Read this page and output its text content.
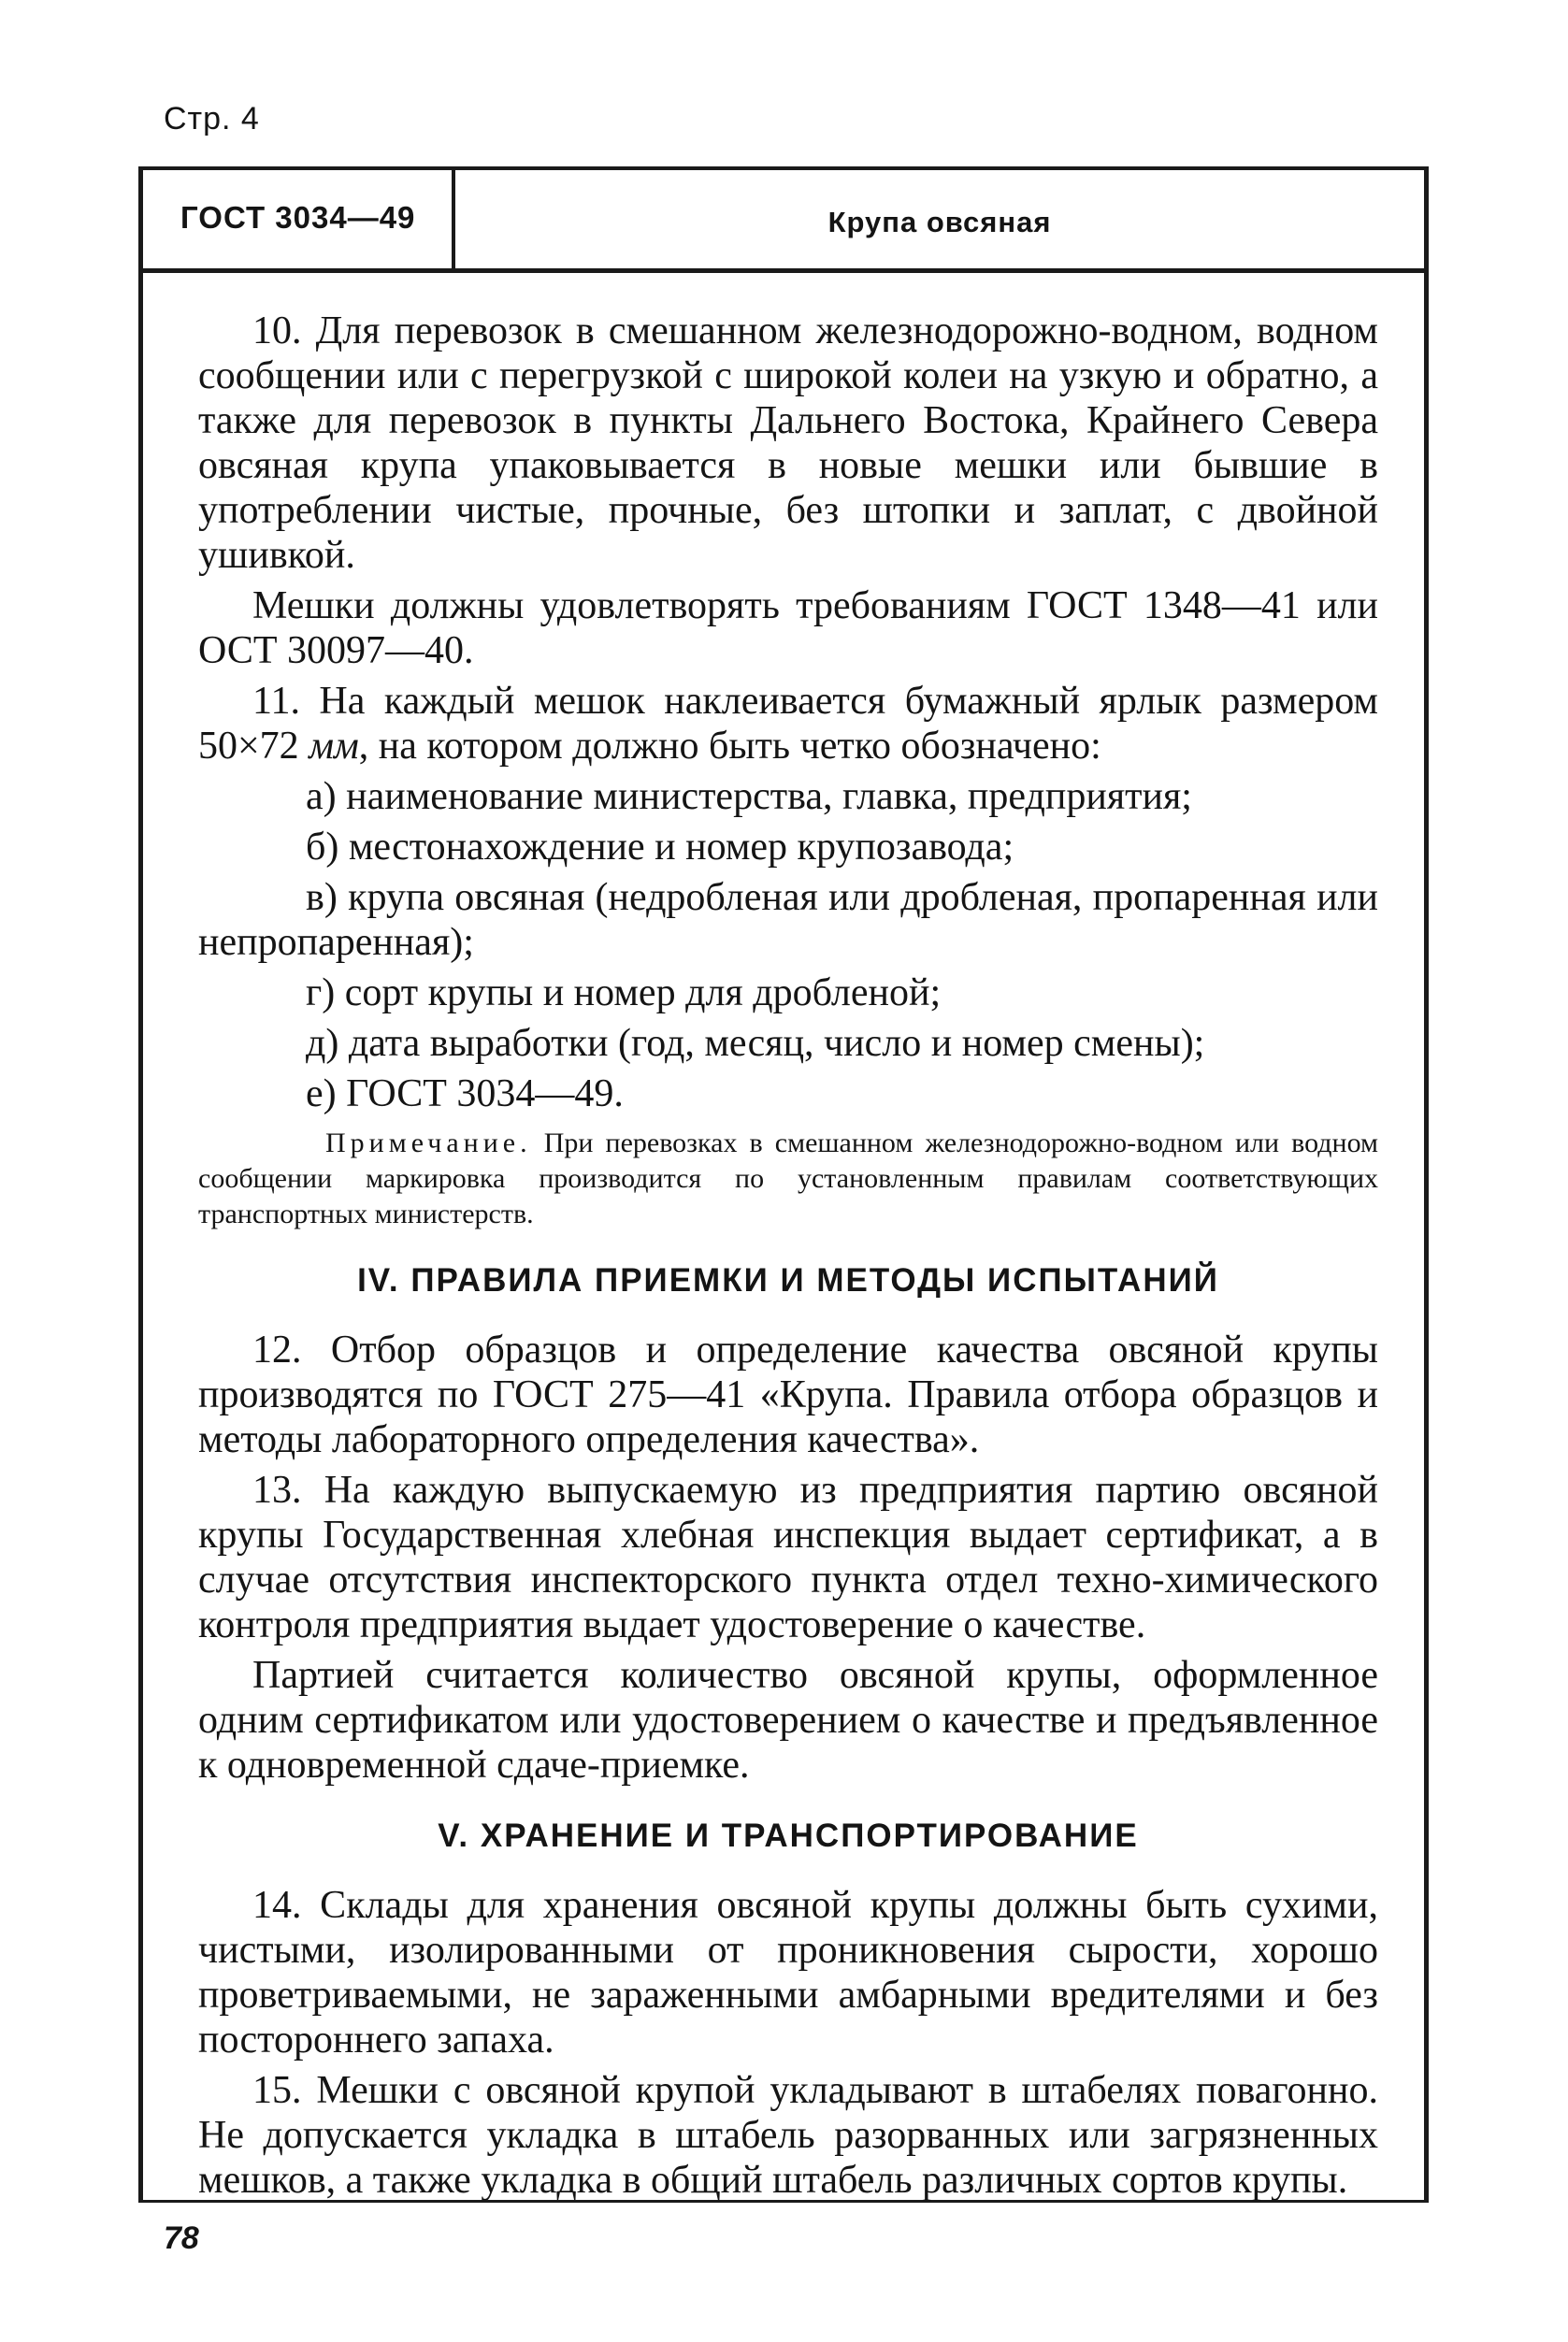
Стр. 4
ГОСТ 3034—49	Крупа овсяная

10. Для перевозок в смешанном железнодорожно-водном, водном сообщении или с перегрузкой с широкой колеи на узкую и обратно, а также для перевозок в пункты Дальнего Востока, Крайнего Севера овсяная крупа упаковывается в новые мешки или бывшие в употреблении чистые, прочные, без штопки и заплат, с двойной ушивкой.

Мешки должны удовлетворять требованиям ГОСТ 1348—41 или ОСТ 30097—40.

11. На каждый мешок наклеивается бумажный ярлык размером 50×72 мм, на котором должно быть четко обозначено:

а) наименование министерства, главка, предприятия;

б) местонахождение и номер крупозавода;

в) крупа овсяная (недробленая или дробленая, пропаренная или непропаренная);

г) сорт крупы и номер для дробленой;

д) дата выработки (год, месяц, число и номер смены);

е) ГОСТ 3034—49.

Примечание. При перевозках в смешанном железнодорожно-водном или водном сообщении маркировка производится по установленным правилам соответствующих транспортных министерств.

IV. ПРАВИЛА ПРИЕМКИ И МЕТОДЫ ИСПЫТАНИЙ

12. Отбор образцов и определение качества овсяной крупы производятся по ГОСТ 275—41 «Крупа. Правила отбора образцов и методы лабораторного определения качества».

13. На каждую выпускаемую из предприятия партию овсяной крупы Государственная хлебная инспекция выдает сертификат, а в случае отсутствия инспекторского пункта отдел техно-химического контроля предприятия выдает удостоверение о качестве.

Партией считается количество овсяной крупы, оформленное одним сертификатом или удостоверением о качестве и предъявленное к одновременной сдаче-приемке.

V. ХРАНЕНИЕ И ТРАНСПОРТИРОВАНИЕ

14. Склады для хранения овсяной крупы должны быть сухими, чистыми, изолированными от проникновения сырости, хорошо проветриваемыми, не зараженными амбарными вредителями и без постороннего запаха.

15. Мешки с овсяной крупой укладывают в штабелях повагонно. Не допускается укладка в штабель разорванных или загрязненных мешков, а также укладка в общий штабель различных сортов крупы.

78
